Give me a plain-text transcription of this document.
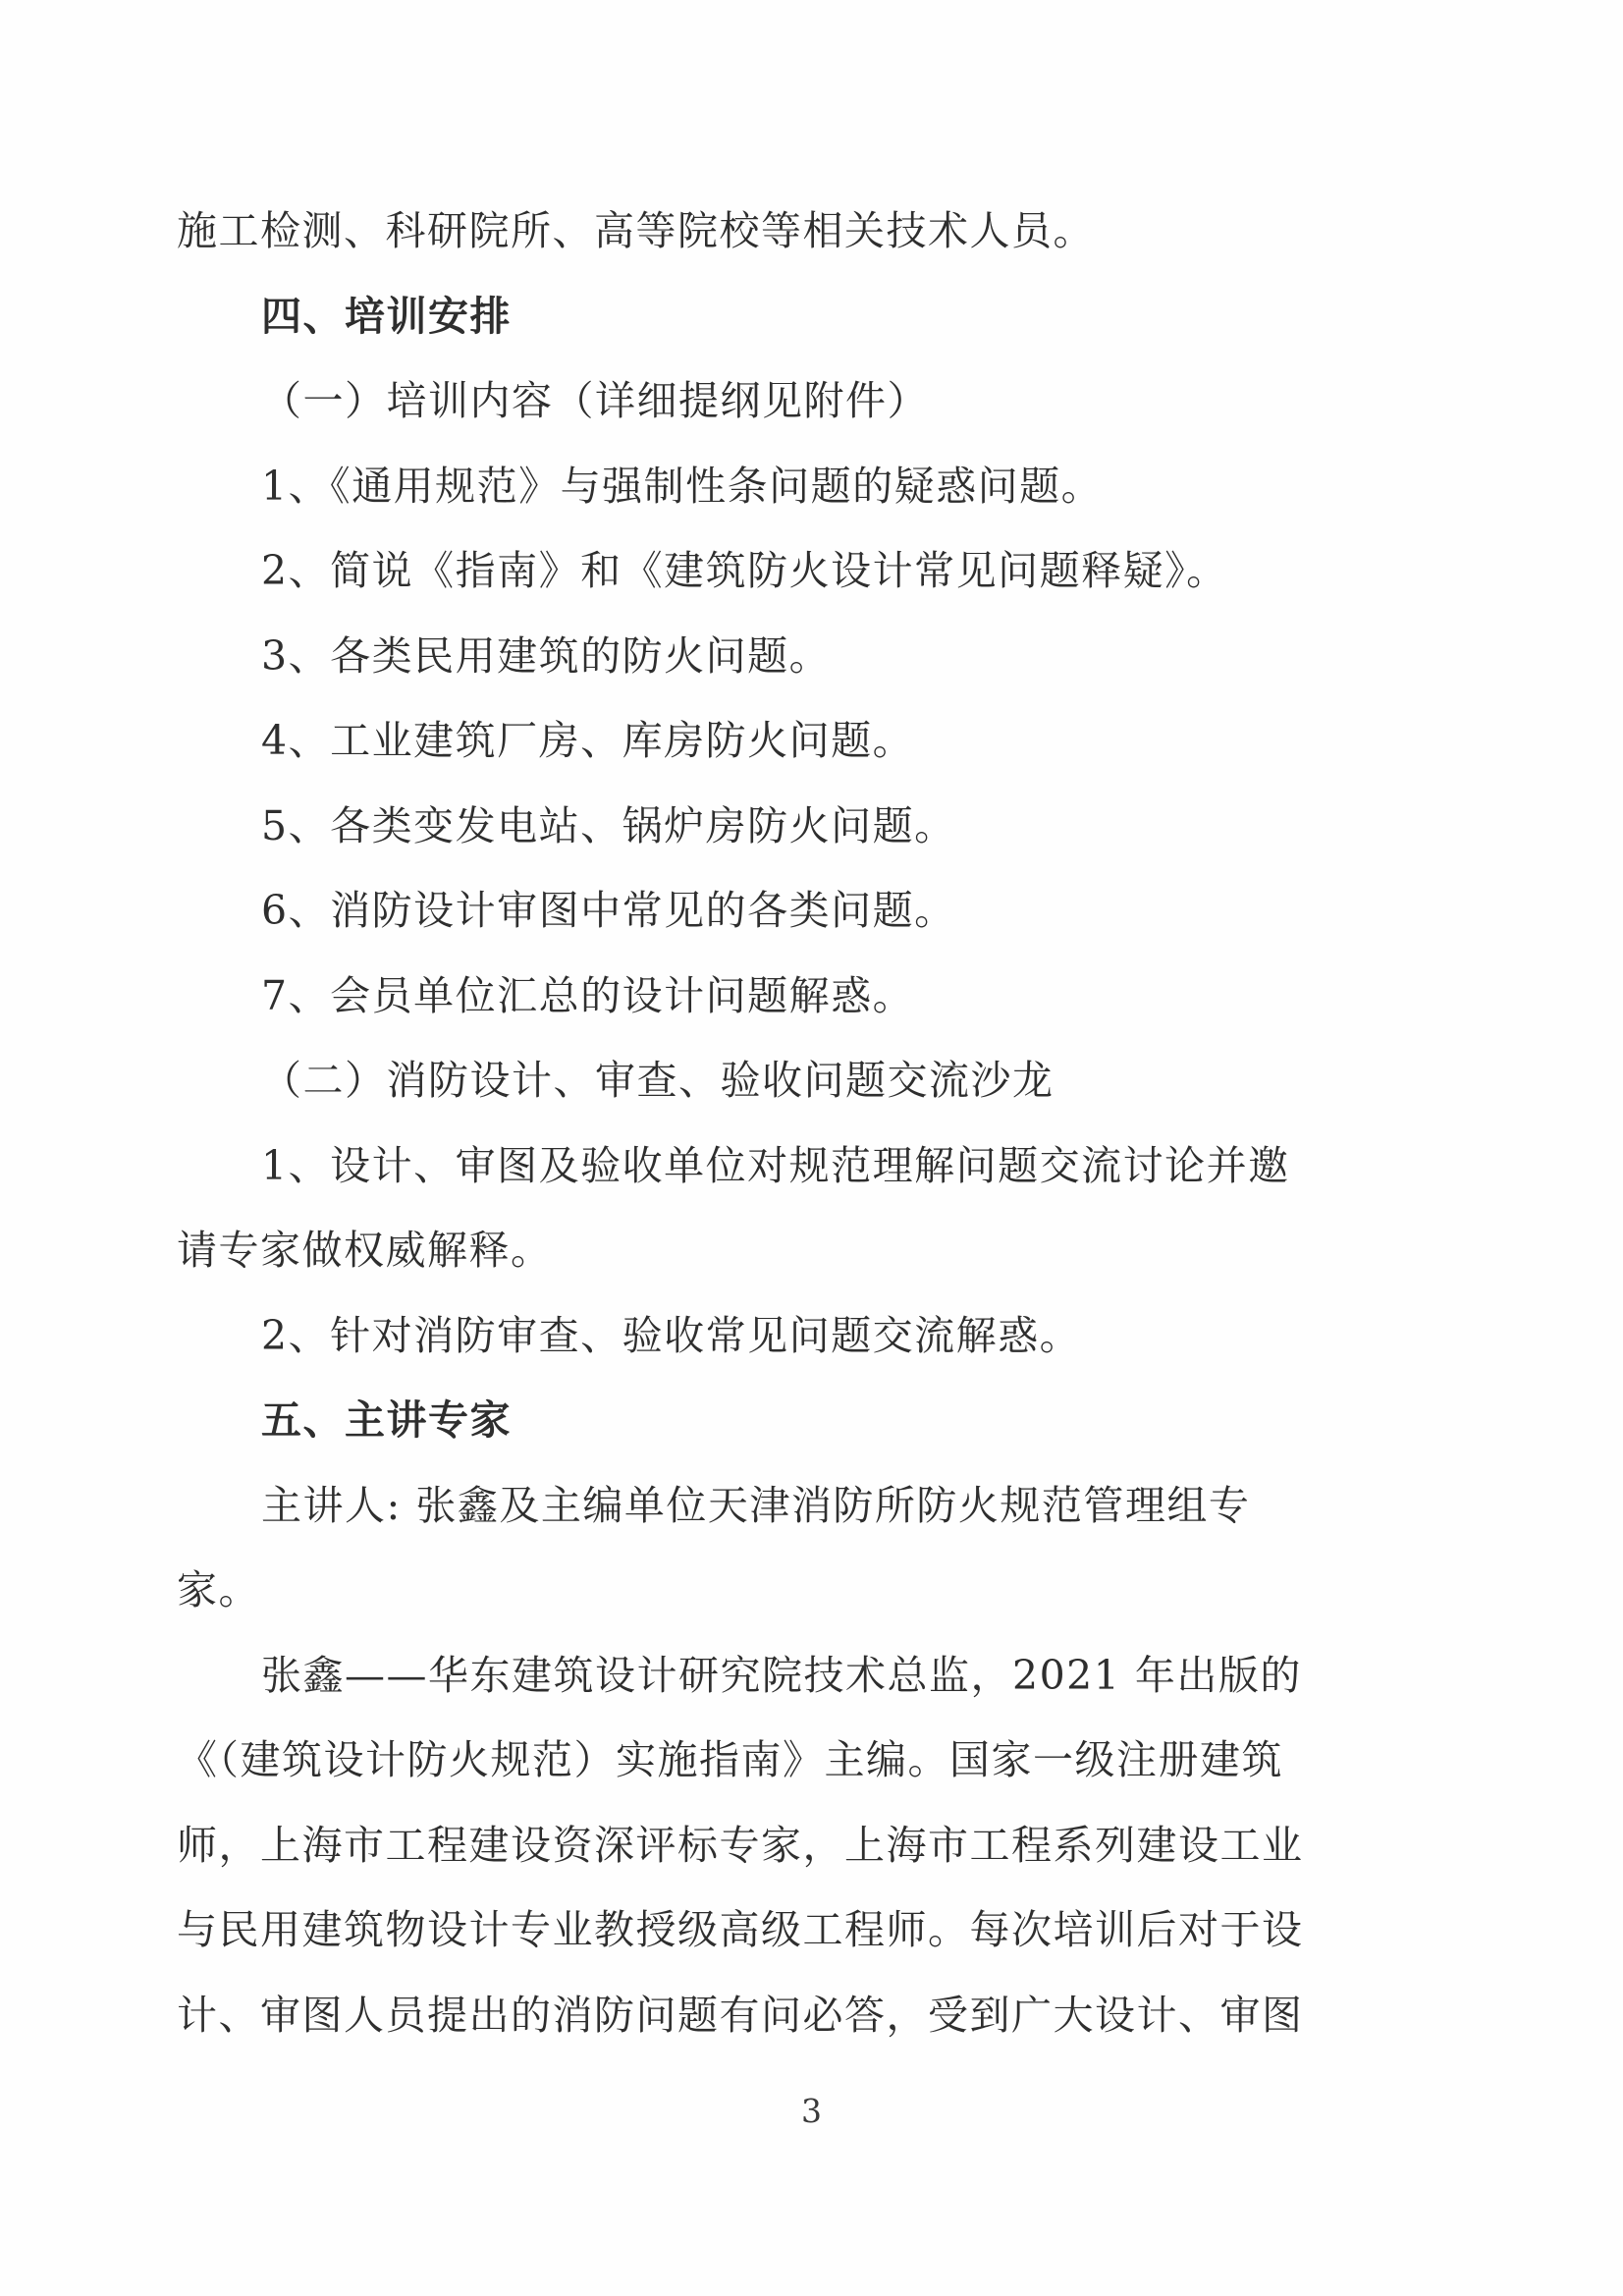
施工检测、科研院所、高等院校等相关技术人员。
四、培训安排
（一）培训内容（详细提纲见附件）
1、《通用规范》与强制性条问题的疑惑问题。
2、简说《指南》和《建筑防火设计常见问题释疑》。
3、各类民用建筑的防火问题。
4、工业建筑厂房、库房防火问题。
5、各类变发电站、锅炉房防火问题。
6、消防设计审图中常见的各类问题。
7、会员单位汇总的设计问题解惑。
（二）消防设计、审查、验收问题交流沙龙
1、设计、审图及验收单位对规范理解问题交流讨论并邀
请专家做权威解释。
2、针对消防审查、验收常见问题交流解惑。
五、主讲专家
主讲人: 张鑫及主编单位天津消防所防火规范管理组专
家。
张鑫——华东建筑设计研究院技术总监，2021 年出版的
《（建筑设计防火规范）实施指南》主编。国家一级注册建筑
师，上海市工程建设资深评标专家，上海市工程系列建设工业
与民用建筑物设计专业教授级高级工程师。每次培训后对于设
计、审图人员提出的消防问题有问必答，受到广大设计、审图
3
